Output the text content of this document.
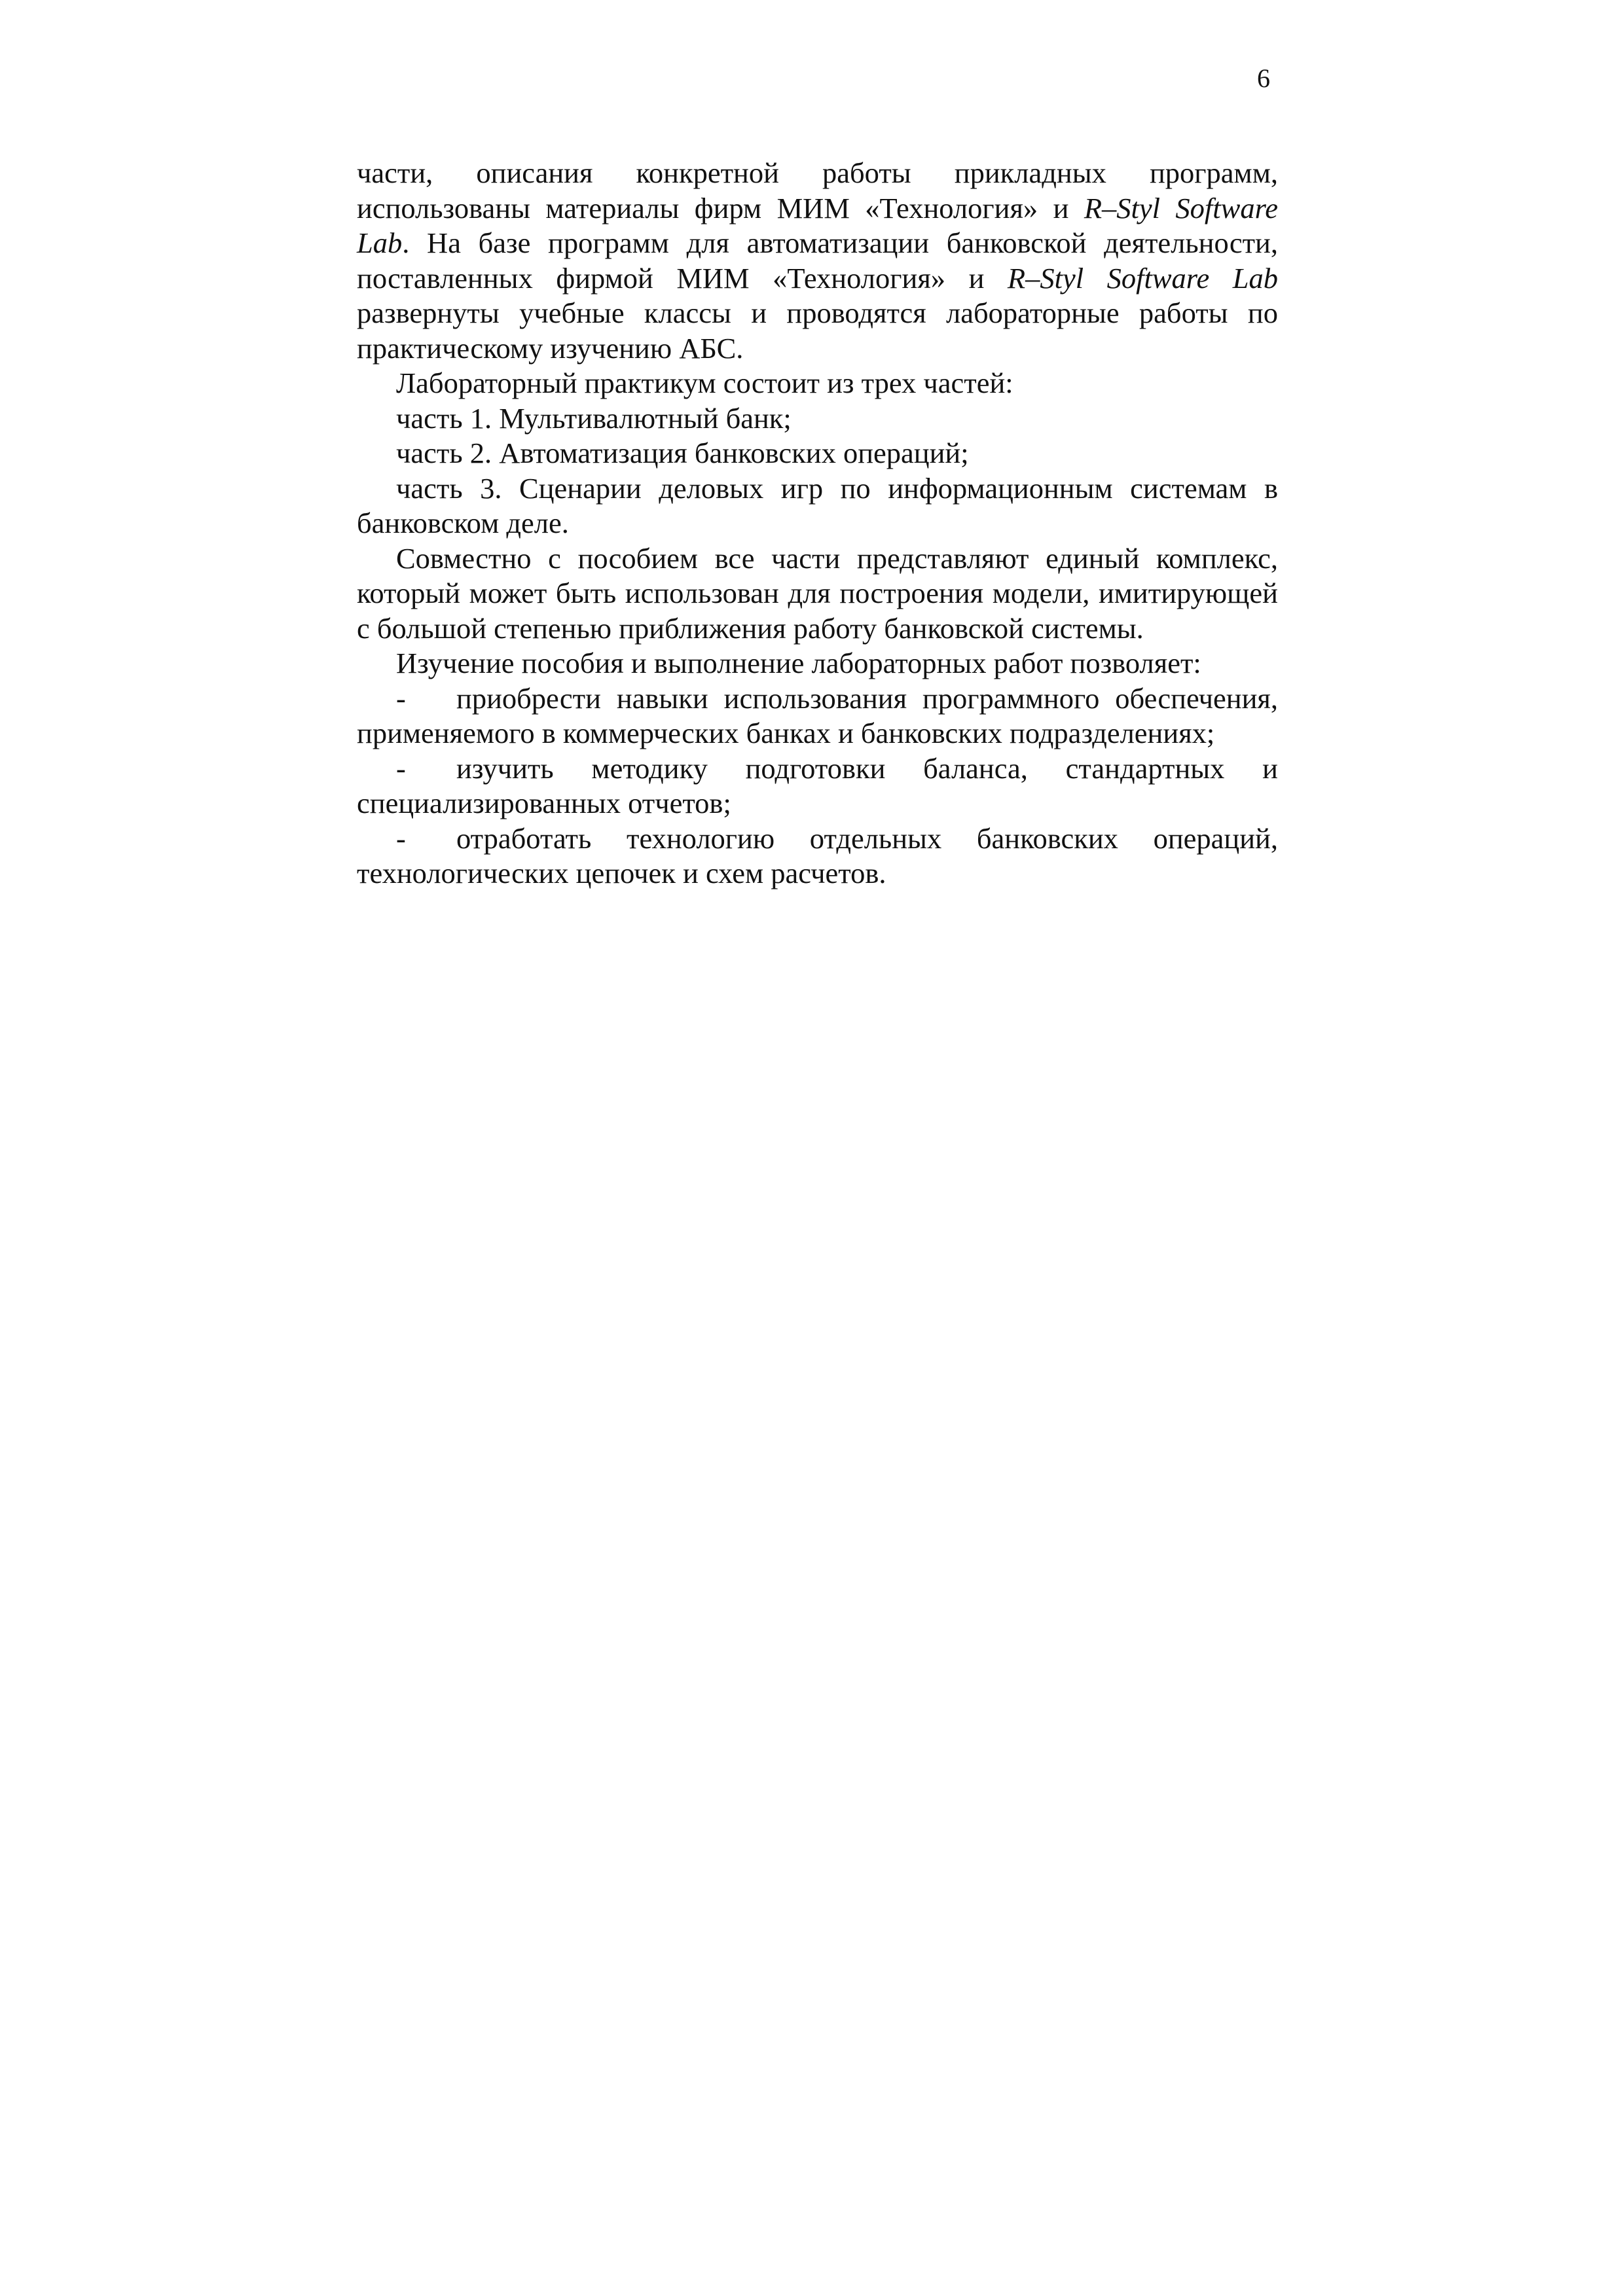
6

части, описания конкретной работы прикладных программ, использованы материалы фирм МИМ «Технология» и R–Styl Software Lab. На базе программ для автоматизации банковской деятельности, поставленных фирмой МИМ «Технология» и R–Styl Software Lab развернуты учебные классы и проводятся лабораторные работы по практическому изучению АБС.

Лабораторный практикум состоит из трех частей:

часть 1. Мультивалютный банк;

часть 2. Автоматизация банковских операций;

часть 3. Сценарии деловых игр по информационным системам в банковском деле.

Совместно с пособием все части представляют единый комплекс, который может быть использован для построения модели, имитирующей с большой степенью приближения работу банковской системы.

Изучение пособия и выполнение лабораторных работ позволяет:

- приобрести навыки использования программного обеспечения, применяемого в коммерческих банках и банковских подразделениях;

- изучить методику подготовки баланса, стандартных и специализированных отчетов;

- отработать технологию отдельных банковских операций, технологических цепочек и схем расчетов.
